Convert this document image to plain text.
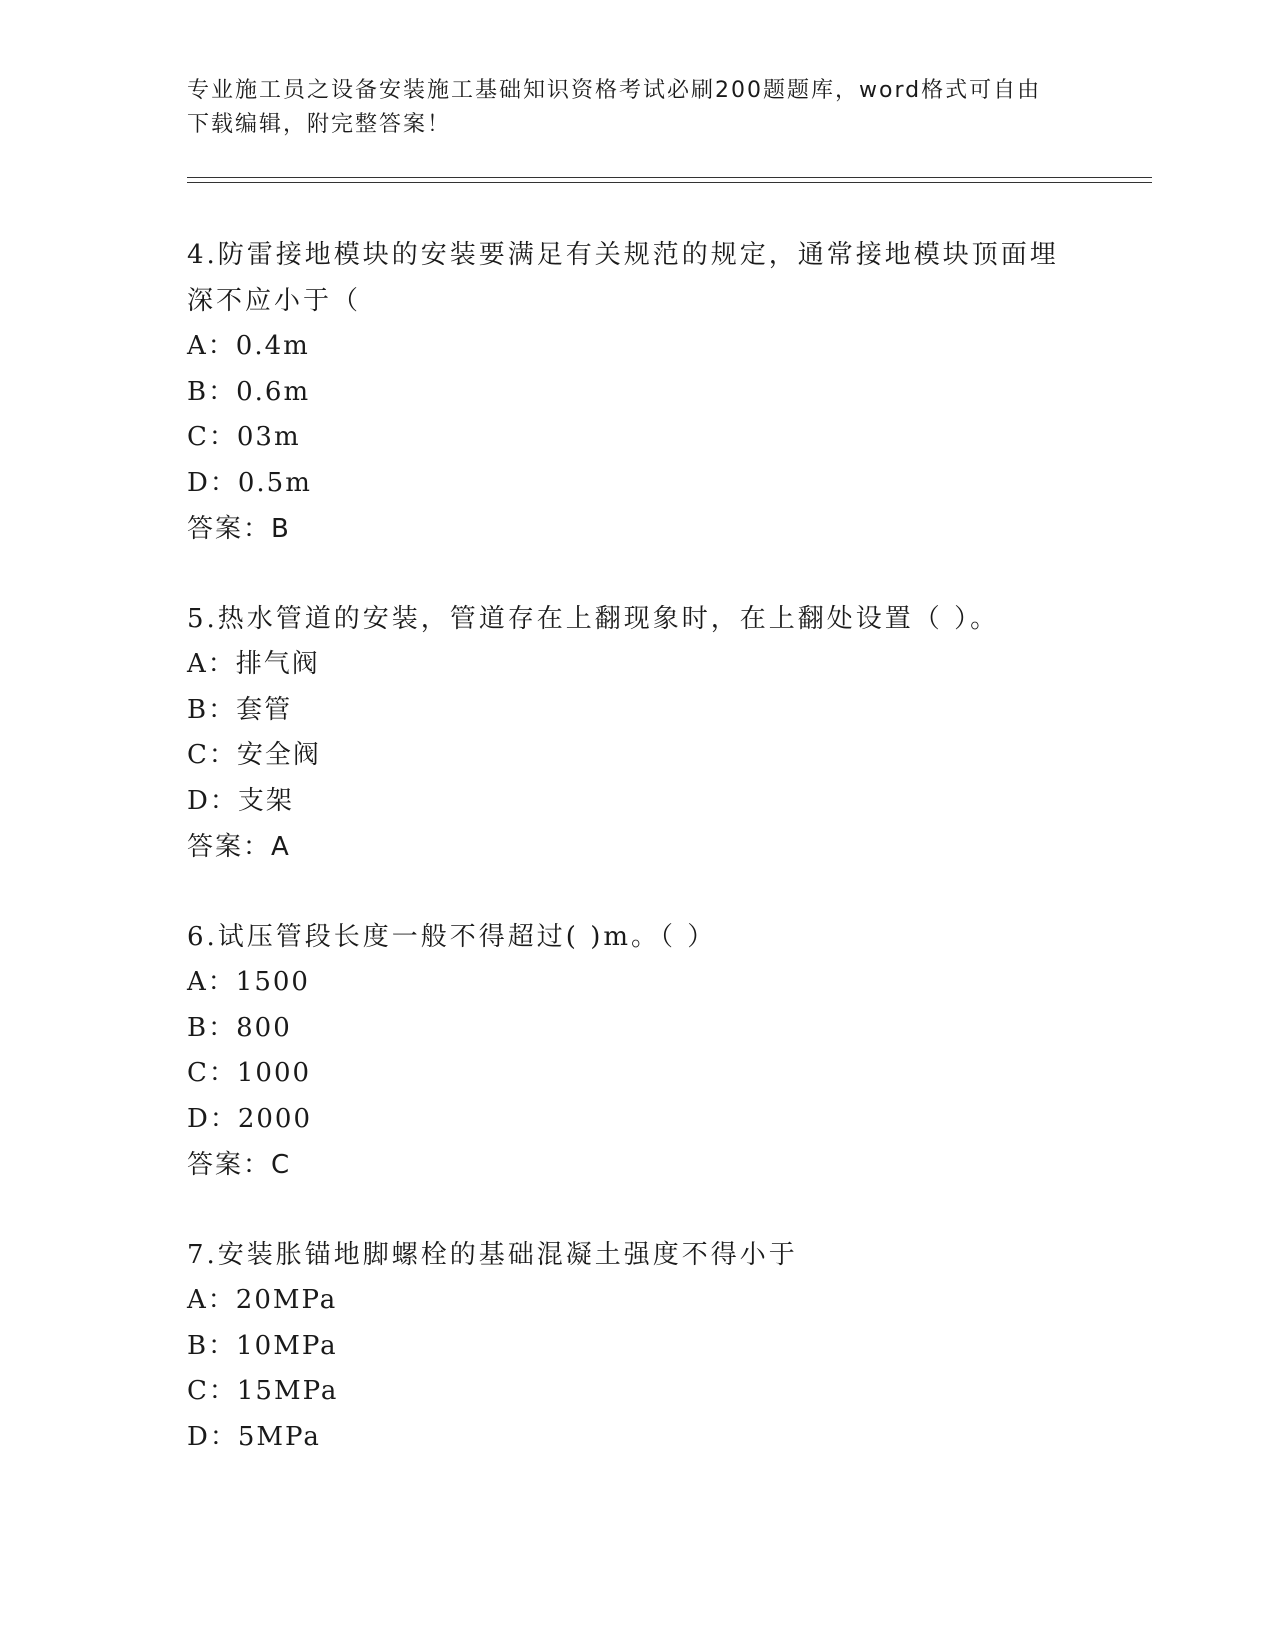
专业施工员之设备安装施工基础知识资格考试必刷200题题库，word格式可自由

下载编辑，附完整答案！

4.防雷接地模块的安装要满足有关规范的规定，通常接地模块顶面埋
深不应小于（

A：0.4m

B：0.6m

C：03m

D：0.5m

答案：B

5.热水管道的安装，管道存在上翻现象时，在上翻处设置（ ）。

A：排气阀

B：套管

C：安全阀

D：支架

答案：A

6.试压管段长度一般不得超过( )m。（ ）

A：1500

B：800

C：1000

D：2000

答案：C

7.安装胀锚地脚螺栓的基础混凝土强度不得小于

A：20MPa

B：10MPa

C：15MPa

D：5MPa
